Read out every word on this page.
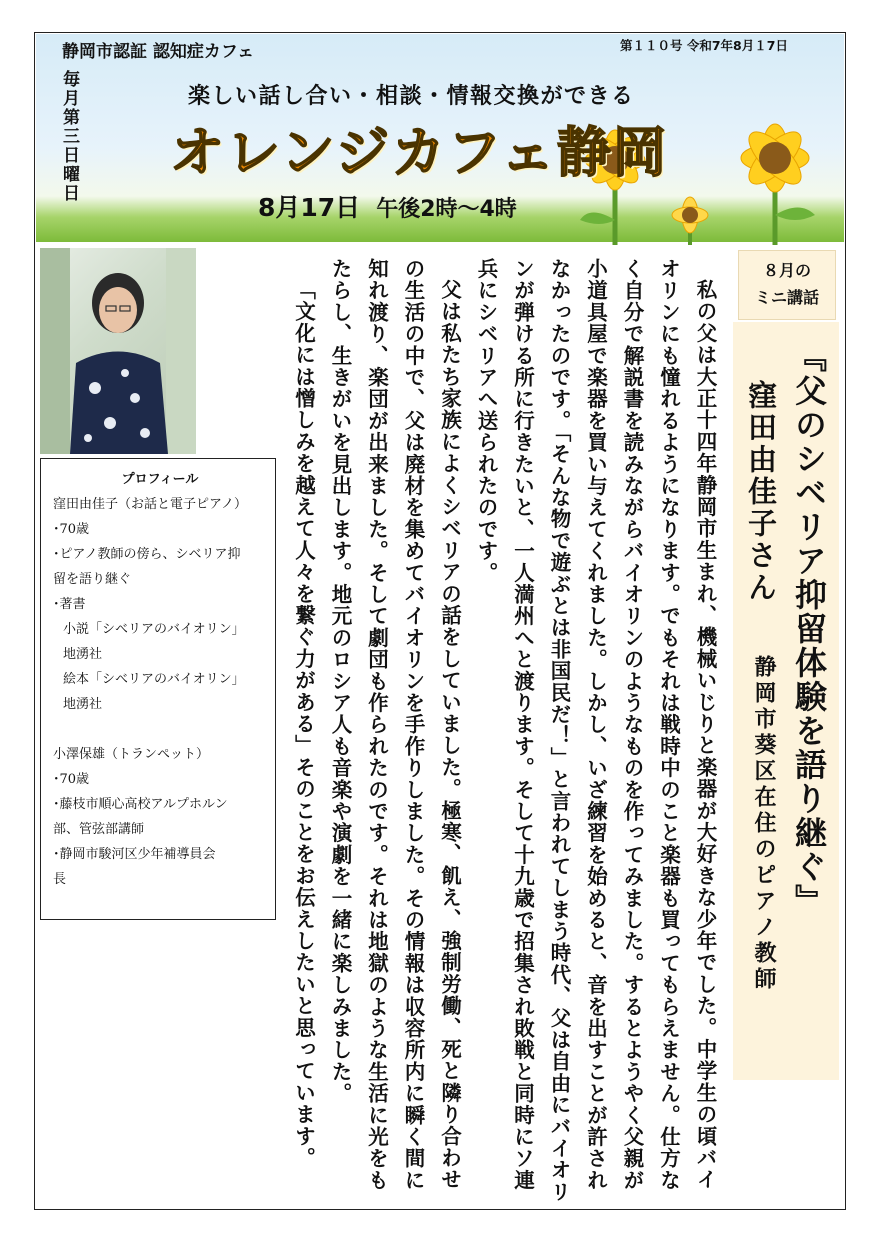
静岡市認証 認知症カフェ	第１１０号 令和7年8月１7日
毎月第三日曜日	楽しい話し合い・相談・情報交換ができる
オレンジカフェ静岡
8月17日 午後2時～4時
プロフィール
窪田由佳子（お話と電子ピアノ）
･70歳
･ピアノ教師の傍ら、シベリア抑
留を語り継ぐ
･著書
小説「シベリアのバイオリン」
地湧社
絵本「シベリアのバイオリン」
地湧社
小澤保雄（トランペット）
･70歳
･藤枝市順心高校アルプホルン
部、管弦部講師
･静岡市駿河区少年補導員会
長
８月の
ミニ講話
『父のシベリア抑留体験を語り継ぐ』
窪田由佳子さん
静岡市葵区在住のピアノ教師

私の父は大正十四年静岡市生まれ、機械いじりと楽器が大好きな少年でした。中学生の頃バイオリンにも憧れるようになります。でもそれは戦時中のこと楽器も買ってもらえません。仕方なく自分で解説書を読みながらバイオリンのようなものを作ってみました。するとようやく父親が小道具屋で楽器を買い与えてくれました。しかし、いざ練習を始めると、音を出すことが許されなかったのです。「そんな物で遊ぶとは非国民だ！」と言われてしまう時代、父は自由にバイオリンが弾ける所に行きたいと、一人満州へと渡ります。そして十九歳で招集され敗戦と同時にソ連兵にシベリアへ送られたのです。

父は私たち家族によくシベリアの話をしていました。極寒、飢え、強制労働、死と隣り合わせの生活の中で、父は廃材を集めてバイオリンを手作りしました。その情報は収容所内に瞬く間に知れ渡り、楽団が出来ました。そして劇団も作られたのです。それは地獄のような生活に光をもたらし、生きがいを見出します。地元のロシア人も音楽や演劇を一緒に楽しみました。

「文化には憎しみを越えて人々を繋ぐ力がある」そのことをお伝えしたいと思っています。
